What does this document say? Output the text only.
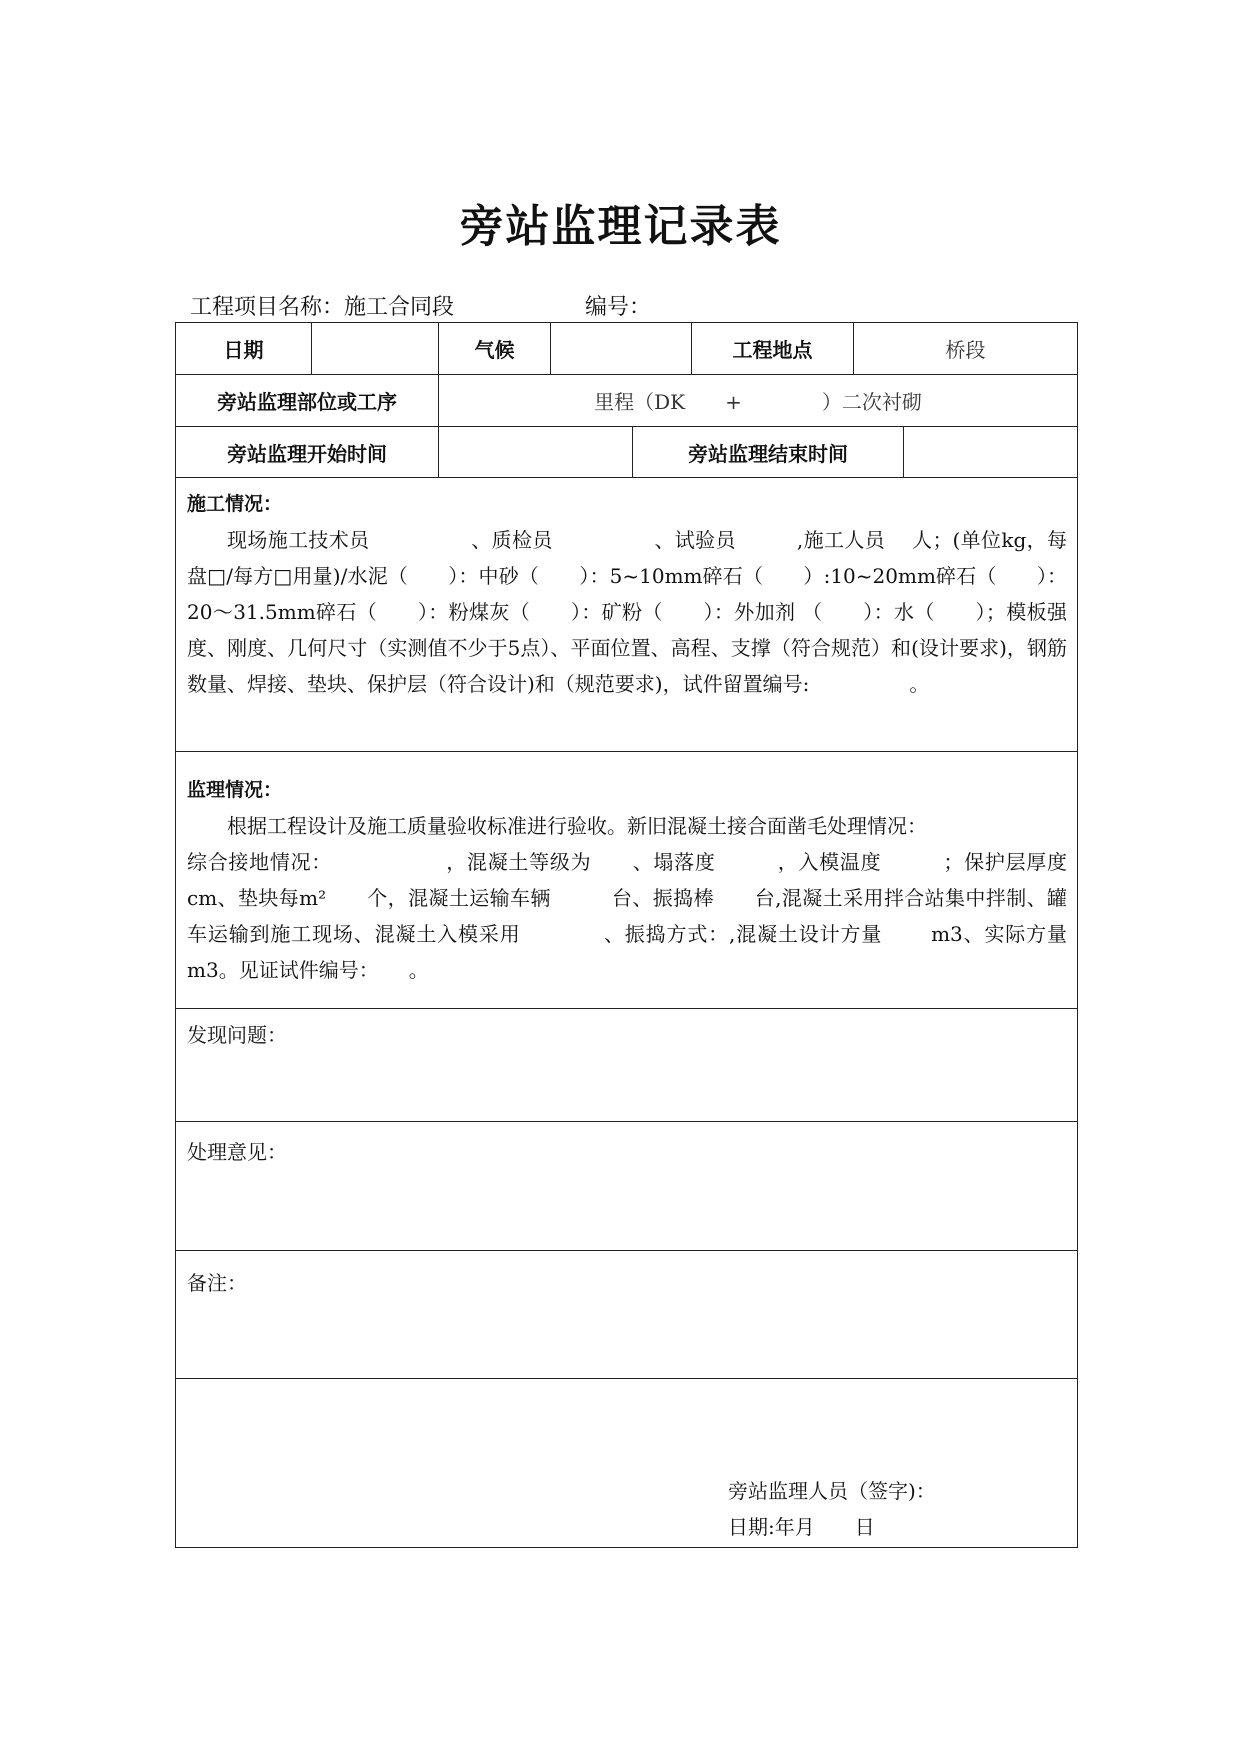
旁站监理记录表
工程项目名称：施工合同段	编号：
日期	气候	工程地点	桥段
旁站监理部位或工序	里程（DK　　+　　　　）二次衬砌
旁站监理开始时间	旁站监理结束时间
施工情况：
现场施工技术员　　　　　、质检员　　　　　、试验员　　　,施工人员　 人；(单位kg，每盘□/每方□用量)/水泥（　　）：中砂（　　）：5~10mm碎石（　　）:10~20mm碎石（　　）：20～31.5mm碎石（　　）：粉煤灰（　　）：矿粉（　　）：外加剂 （　　）：水（　　）；模板强度、刚度、几何尺寸（实测值不少于5点）、平面位置、高程、支撑（符合规范）和(设计要求)，钢筋数量、焊接、垫块、保护层（符合设计)和（规范要求)，试件留置编号:　　　　　。
监理情况：
根据工程设计及施工质量验收标准进行验收。新旧混凝土接合面凿毛处理情况：
综合接地情况：　　　　　　，混凝土等级为　　、塌落度　　　，入模温度　　　；保护层厚度　　cm、垫块每m²　　个，混凝土运输车辆　　　台、振捣棒　　台,混凝土采用拌合站集中拌制、罐车运输到施工现场、混凝土入模采用　　　　、振捣方式：,混凝土设计方量　　 m3、实际方量　　　m3。见证试件编号：　　。
发现问题：
处理意见：
备注：
旁站监理人员（签字)：
日期:年月　　日
